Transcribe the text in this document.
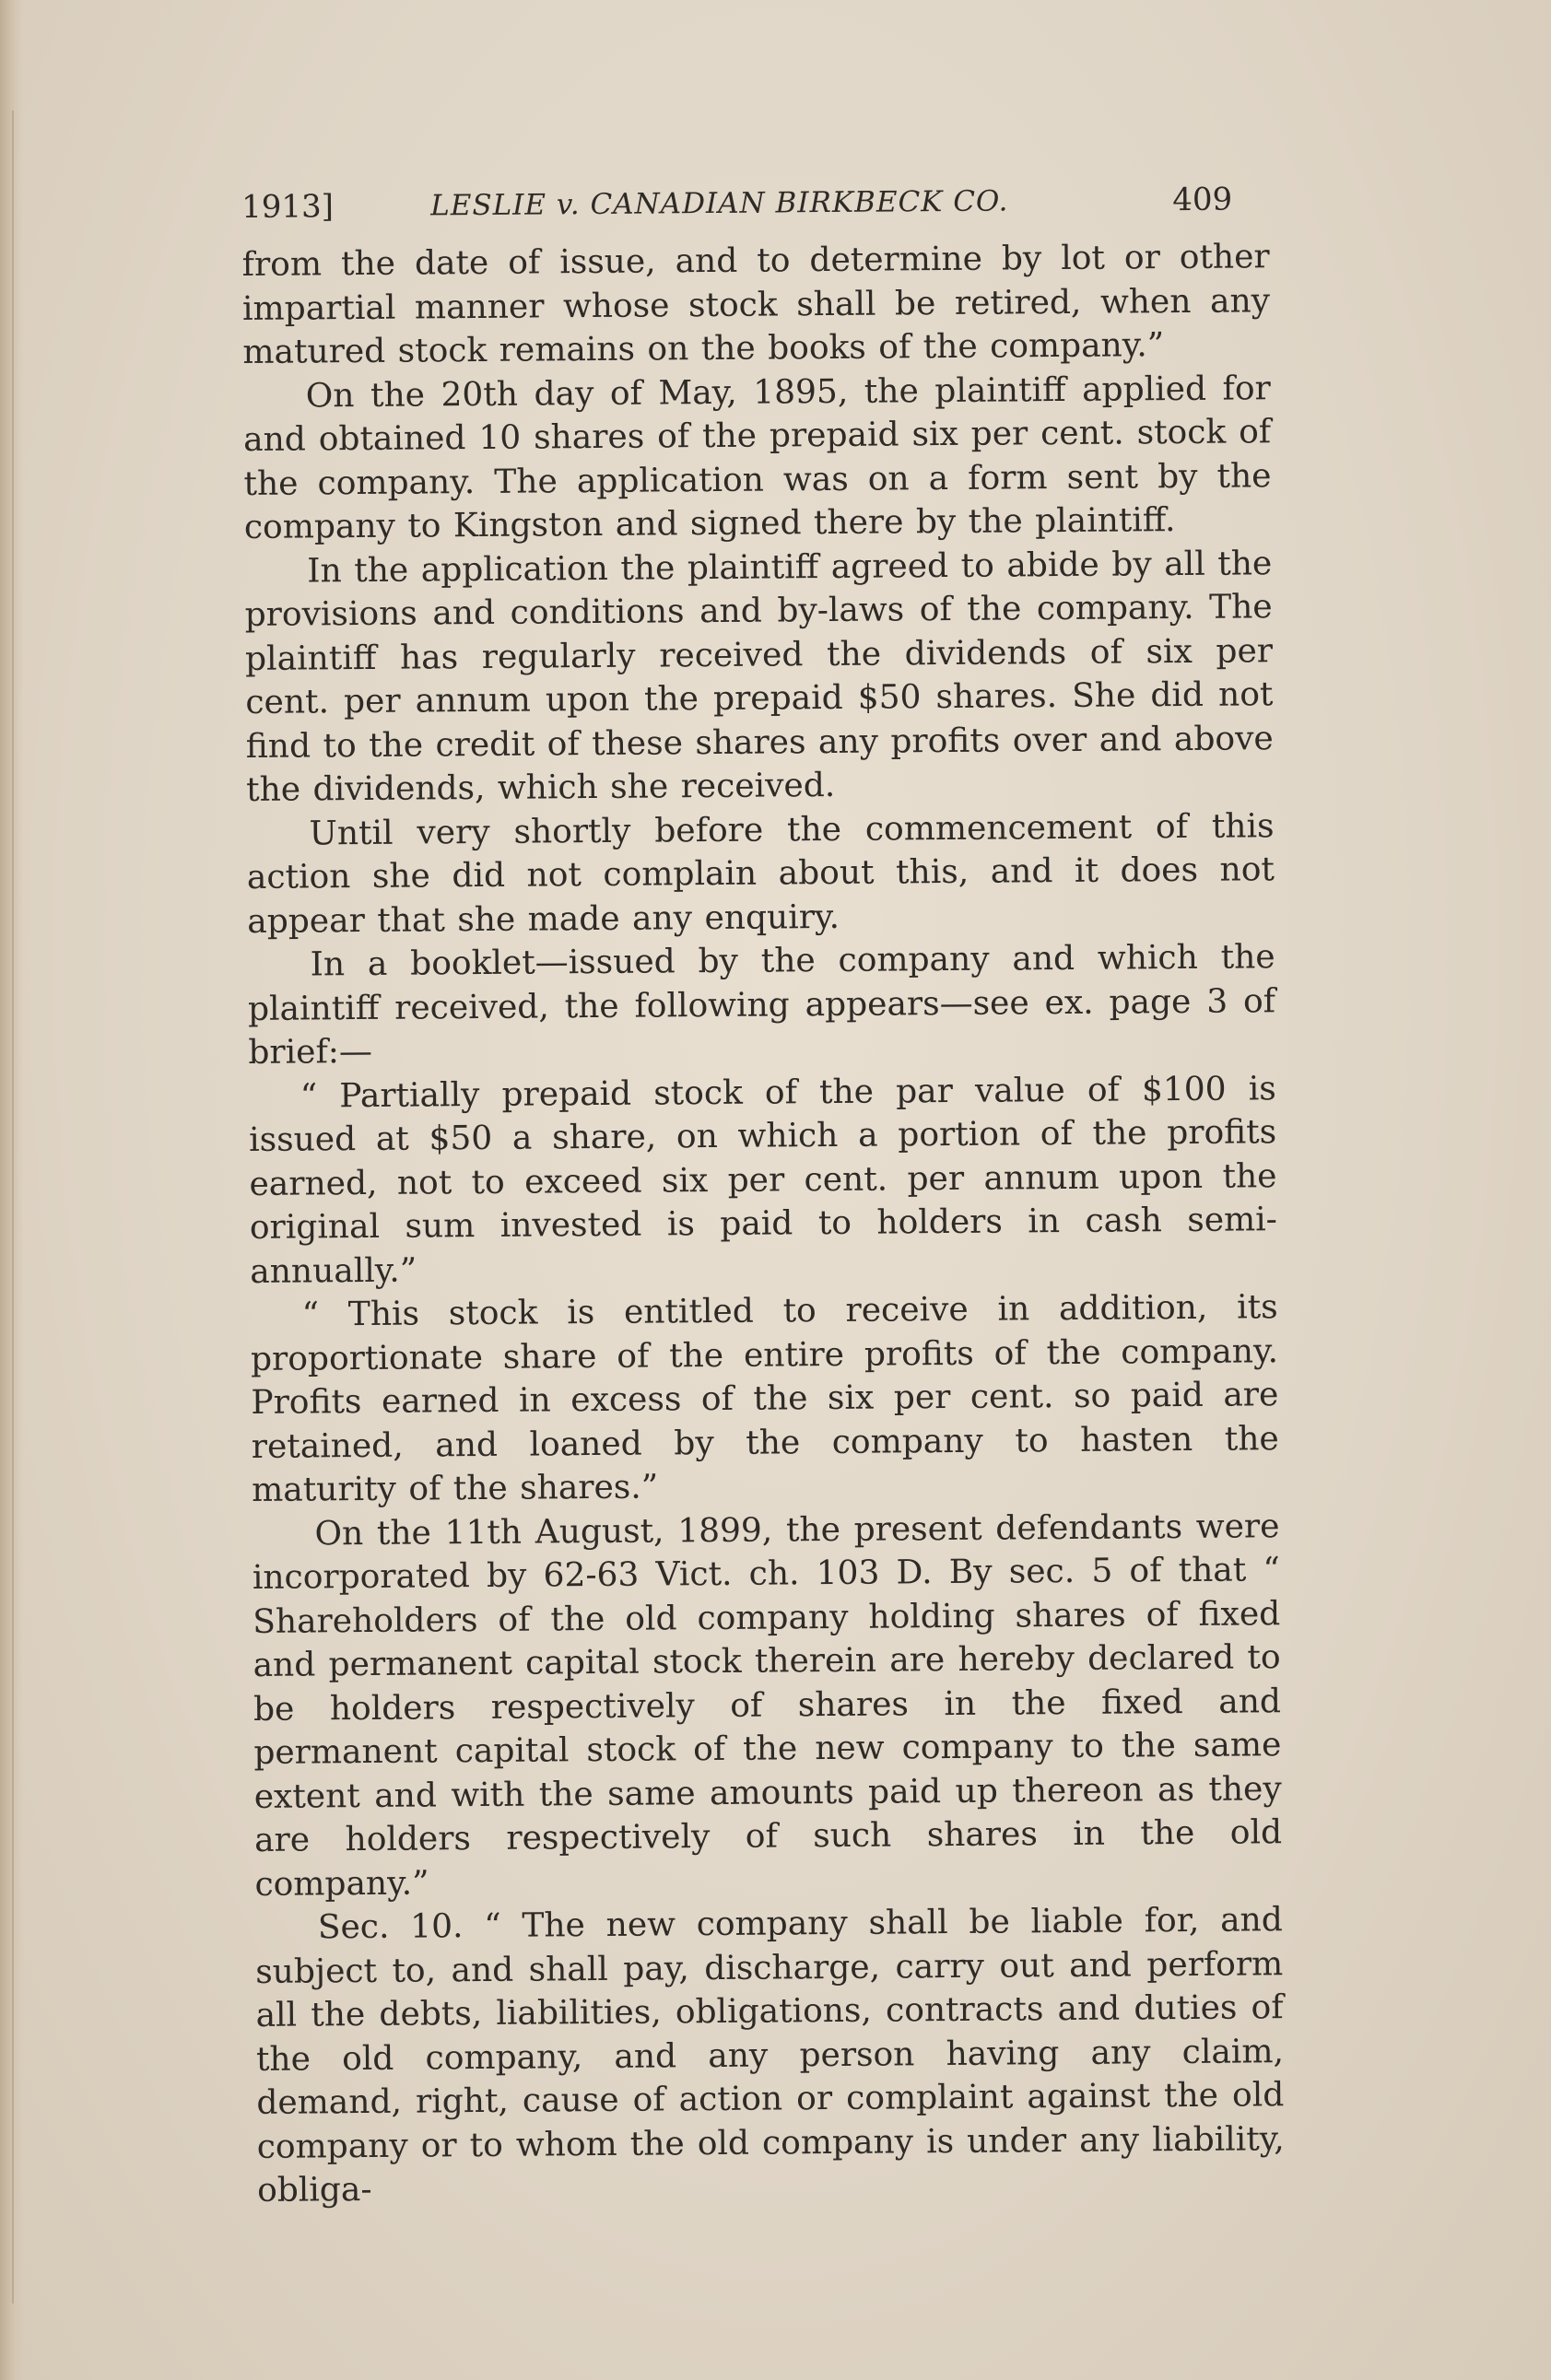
1913]	LESLIE v. CANADIAN BIRKBECK CO.	409

from the date of issue, and to determine by lot or other impartial manner whose stock shall be retired, when any matured stock remains on the books of the company.”

On the 20th day of May, 1895, the plaintiff applied for and obtained 10 shares of the prepaid six per cent. stock of the company. The application was on a form sent by the company to Kingston and signed there by the plaintiff.

In the application the plaintiff agreed to abide by all the provisions and conditions and by-laws of the company. The plaintiff has regularly received the dividends of six per cent. per annum upon the prepaid $50 shares. She did not find to the credit of these shares any profits over and above the dividends, which she received.

Until very shortly before the commencement of this action she did not complain about this, and it does not appear that she made any enquiry.

In a booklet—issued by the company and which the plaintiff received, the following appears—see ex. page 3 of brief:—

“ Partially prepaid stock of the par value of $100 is issued at $50 a share, on which a portion of the profits earned, not to exceed six per cent. per annum upon the original sum invested is paid to holders in cash semi-annually.”

“ This stock is entitled to receive in addition, its proportionate share of the entire profits of the company. Profits earned in excess of the six per cent. so paid are retained, and loaned by the company to hasten the maturity of the shares.”

On the 11th August, 1899, the present defendants were incorporated by 62-63 Vict. ch. 103 D. By sec. 5 of that “ Shareholders of the old company holding shares of fixed and permanent capital stock therein are hereby declared to be holders respectively of shares in the fixed and permanent capital stock of the new company to the same extent and with the same amounts paid up thereon as they are holders respectively of such shares in the old company.”

Sec. 10. “ The new company shall be liable for, and subject to, and shall pay, discharge, carry out and perform all the debts, liabilities, obligations, contracts and duties of the old company, and any person having any claim, demand, right, cause of action or complaint against the old company or to whom the old company is under any liability, obliga-
